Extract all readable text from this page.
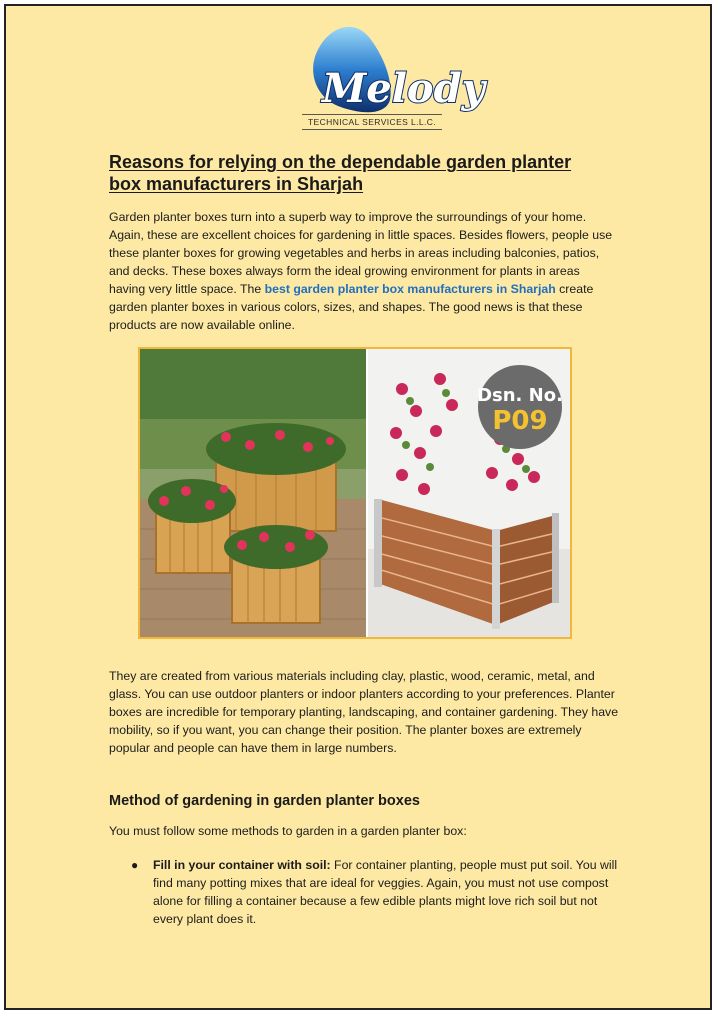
Melody
TECHNICAL SERVICES L.L.C.
Reasons for relying on the dependable garden planter
box manufacturers in Sharjah

Garden planter boxes turn into a superb way to improve the surroundings of your home. Again, these are excellent choices for gardening in little spaces. Besides flowers, people use these planter boxes for growing vegetables and herbs in areas including balconies, patios, and decks. These boxes always form the ideal growing environment for plants in areas having very little space. The best garden planter box manufacturers in Sharjah create garden planter boxes in various colors, sizes, and shapes. The good news is that these products are now available online.

Dsn. No.
P09

They are created from various materials including clay, plastic, wood, ceramic, metal, and glass. You can use outdoor planters or indoor planters according to your preferences. Planter boxes are incredible for temporary planting, landscaping, and container gardening. They have mobility, so if you want, you can change their position. The planter boxes are extremely popular and people can have them in large numbers.

Method of gardening in garden planter boxes

You must follow some methods to garden in a garden planter box:

● Fill in your container with soil: For container planting, people must put soil. You will find many potting mixes that are ideal for veggies. Again, you must not use compost alone for filling a container because a few edible plants might love rich soil but not every plant does it.
